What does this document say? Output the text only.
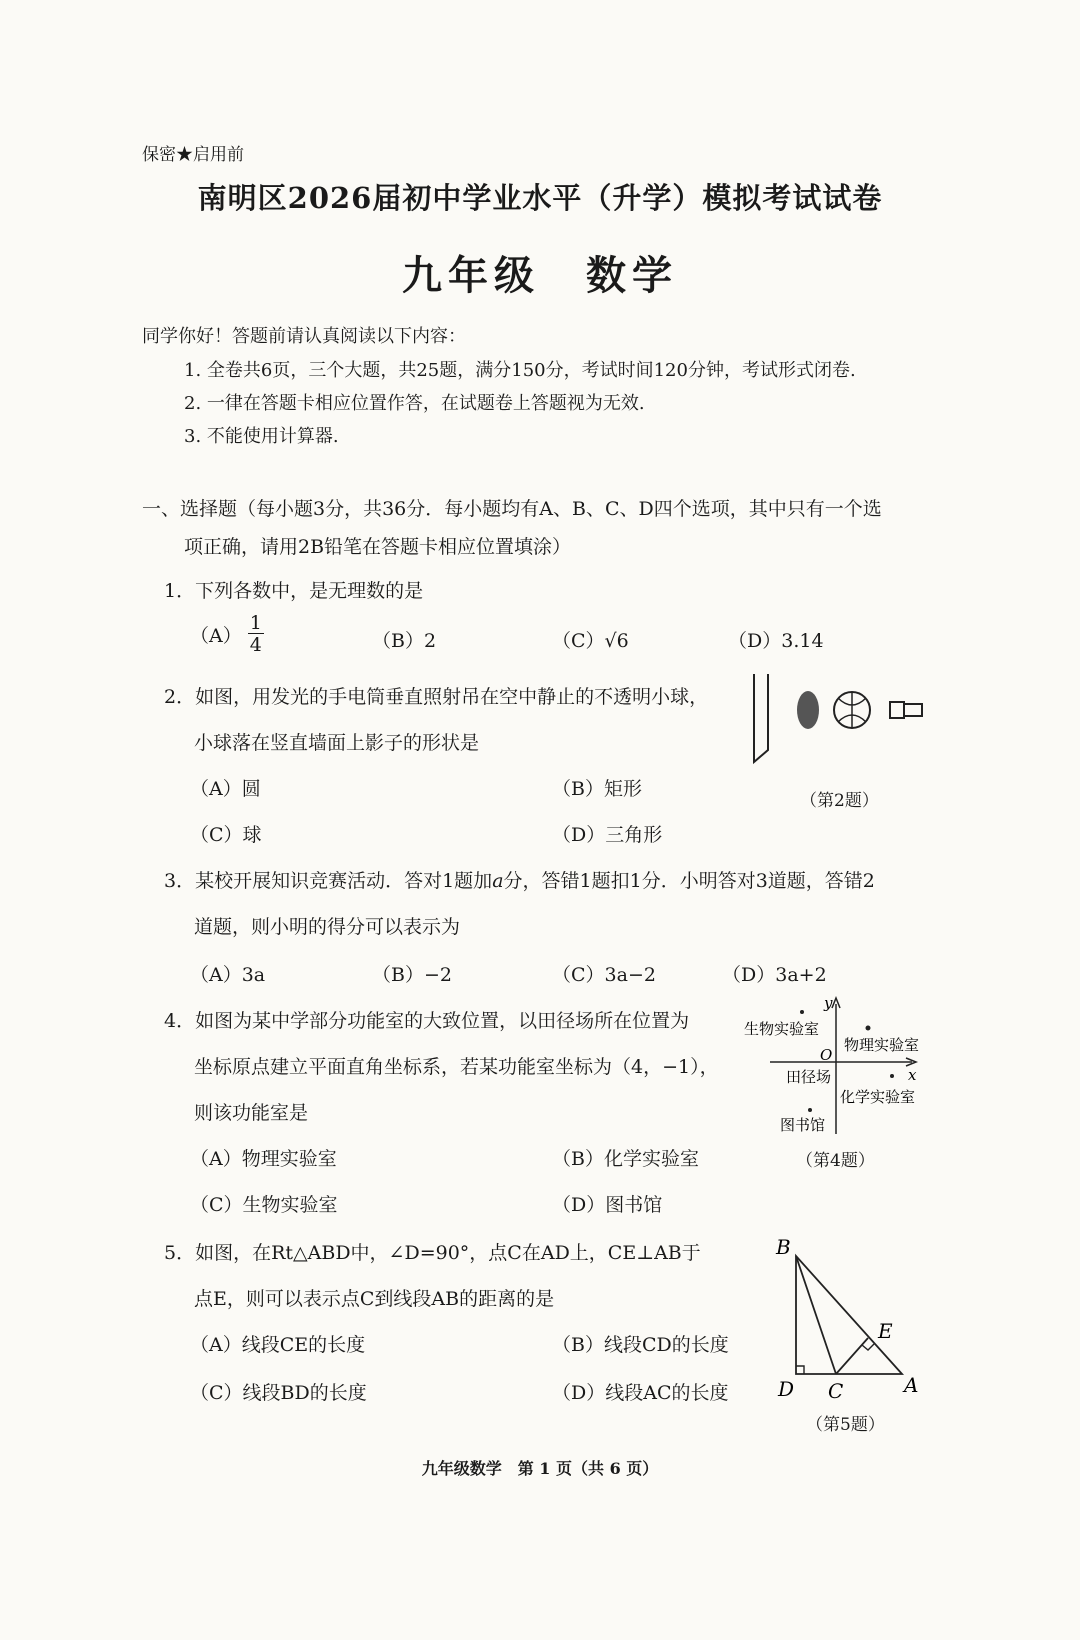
保密★启用前
南明区2026届初中学业水平（升学）模拟考试试卷
九年级　数学
同学你好！答题前请认真阅读以下内容：
1. 全卷共6页，三个大题，共25题，满分150分，考试时间120分钟，考试形式闭卷.
2. 一律在答题卡相应位置作答，在试题卷上答题视为无效.
3. 不能使用计算器.
一、选择题（每小题3分，共36分．每小题均有A、B、C、D四个选项，其中只有一个选
项正确，请用2B铅笔在答题卡相应位置填涂）
1．下列各数中，是无理数的是
$(A) \frac{1}{4}$	（B）2	（C）√6	（D）3.14
2．如图，用发光的手电筒垂直照射吊在空中静止的不透明小球，
小球落在竖直墙面上影子的形状是
（A）圆	（B）矩形
（C）球	（D）三角形
（第2题）
3．某校开展知识竞赛活动．答对1题加a分，答错1题扣1分．小明答对3道题，答错2
道题，则小明的得分可以表示为
（A）3a	（B）−2	（C）3a−2	（D）3a+2
4．如图为某中学部分功能室的大致位置，以田径场所在位置为
坐标原点建立平面直角坐标系，若某功能室坐标为（4，−1），
则该功能室是
（A）物理实验室	（B）化学实验室
（C）生物实验室	（D）图书馆
y
x
O
生物实验室
物理实验室
田径场
化学实验室
图书馆
（第4题）
5．如图，在Rt△ABD中，∠D=90°，点C在AD上，CE⊥AB于
点E，则可以表示点C到线段AB的距离的是
（A）线段CE的长度	（B）线段CD的长度
（C）线段BD的长度	（D）线段AC的长度
B
E
D C	A
（第5题）
九年级数学　第 1 页（共 6 页）
